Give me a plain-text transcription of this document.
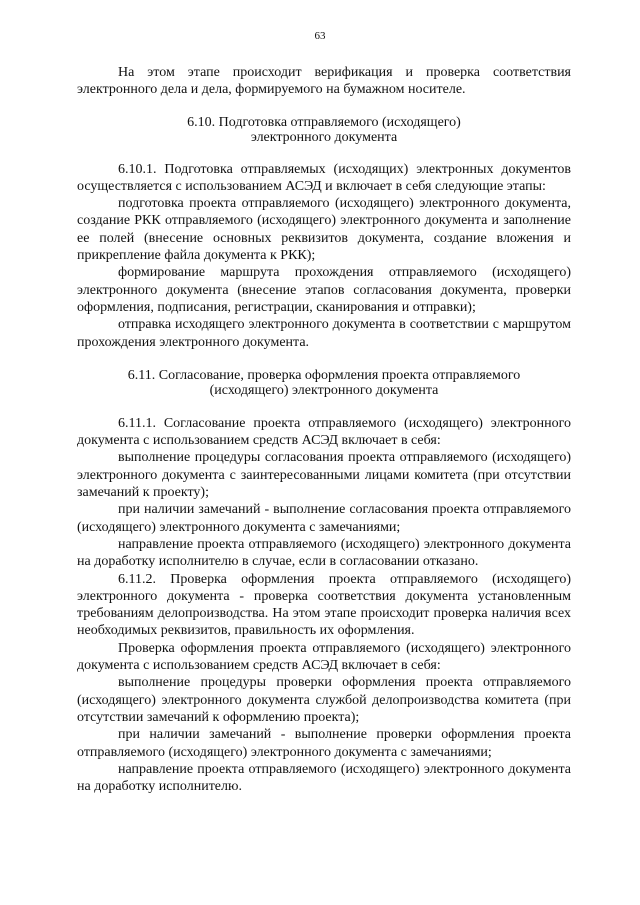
63

На этом этапе происходит верификация и проверка соответствия электронного дела и дела, формируемого на бумажном носителе.

6.10. Подготовка отправляемого (исходящего)
электронного документа

6.10.1. Подготовка отправляемых (исходящих) электронных документов осуществляется с использованием АСЭД и включает в себя следующие этапы:

подготовка проекта отправляемого (исходящего) электронного документа, создание РКК отправляемого (исходящего) электронного документа и заполнение ее полей (внесение основных реквизитов документа, создание вложения и прикрепление файла документа к РКК);

формирование маршрута прохождения отправляемого (исходящего) электронного документа (внесение этапов согласования документа, проверки оформления, подписания, регистрации, сканирования и отправки);

отправка исходящего электронного документа в соответствии с маршрутом прохождения электронного документа.

6.11. Согласование, проверка оформления проекта отправляемого
(исходящего) электронного документа

6.11.1. Согласование проекта отправляемого (исходящего) электронного документа с использованием средств АСЭД включает в себя:

выполнение процедуры согласования проекта отправляемого (исходящего) электронного документа с заинтересованными лицами комитета (при отсутствии замечаний к проекту);

при наличии замечаний - выполнение согласования проекта отправляемого (исходящего) электронного документа с замечаниями;

направление проекта отправляемого (исходящего) электронного документа на доработку исполнителю в случае, если в согласовании отказано.

6.11.2. Проверка оформления проекта отправляемого (исходящего) электронного документа - проверка соответствия документа установленным требованиям делопроизводства. На этом этапе происходит проверка наличия всех необходимых реквизитов, правильность их оформления.

Проверка оформления проекта отправляемого (исходящего) электронного документа с использованием средств АСЭД включает в себя:

выполнение процедуры проверки оформления проекта отправляемого (исходящего) электронного документа службой делопроизводства комитета (при отсутствии замечаний к оформлению проекта);

при наличии замечаний - выполнение проверки оформления проекта отправляемого (исходящего) электронного документа с замечаниями;

направление проекта отправляемого (исходящего) электронного документа на доработку исполнителю.
